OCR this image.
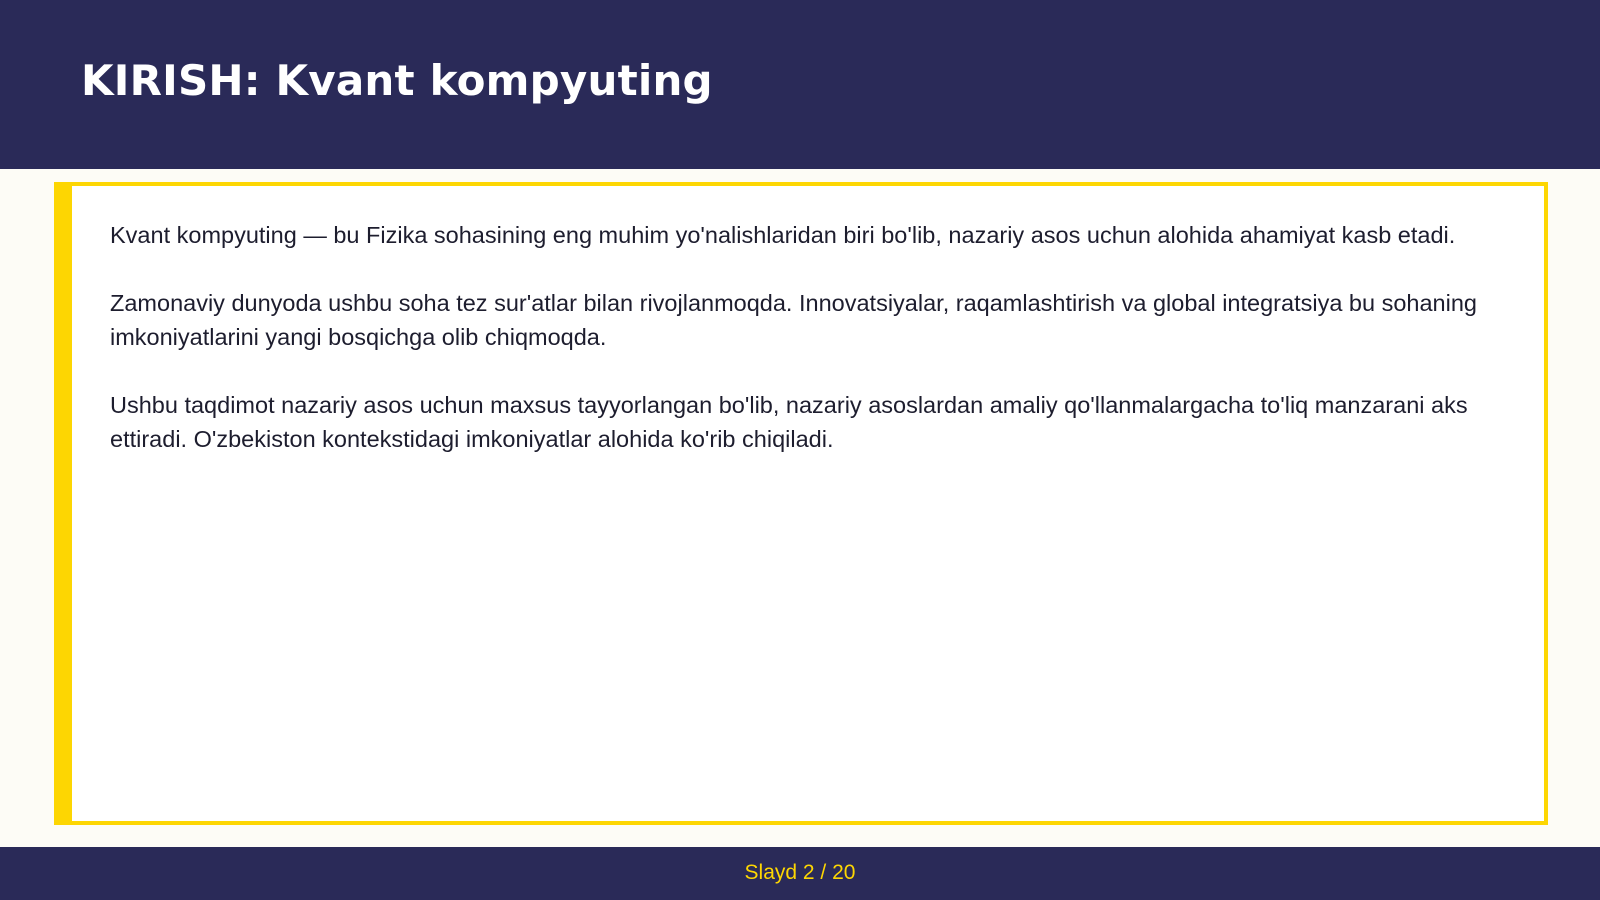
KIRISH: Kvant kompyuting

Kvant kompyuting — bu Fizika sohasining eng muhim yo'nalishlaridan biri bo'lib, nazariy asos uchun alohida ahamiyat kasb etadi.

Zamonaviy dunyoda ushbu soha tez sur'atlar bilan rivojlanmoqda. Innovatsiyalar, raqamlashtirish va global integratsiya bu sohaning imkoniyatlarini yangi bosqichga olib chiqmoqda.

Ushbu taqdimot nazariy asos uchun maxsus tayyorlangan bo'lib, nazariy asoslardan amaliy qo'llanmalargacha to'liq manzarani aks ettiradi. O'zbekiston kontekstidagi imkoniyatlar alohida ko'rib chiqiladi.

Slayd 2 / 20
